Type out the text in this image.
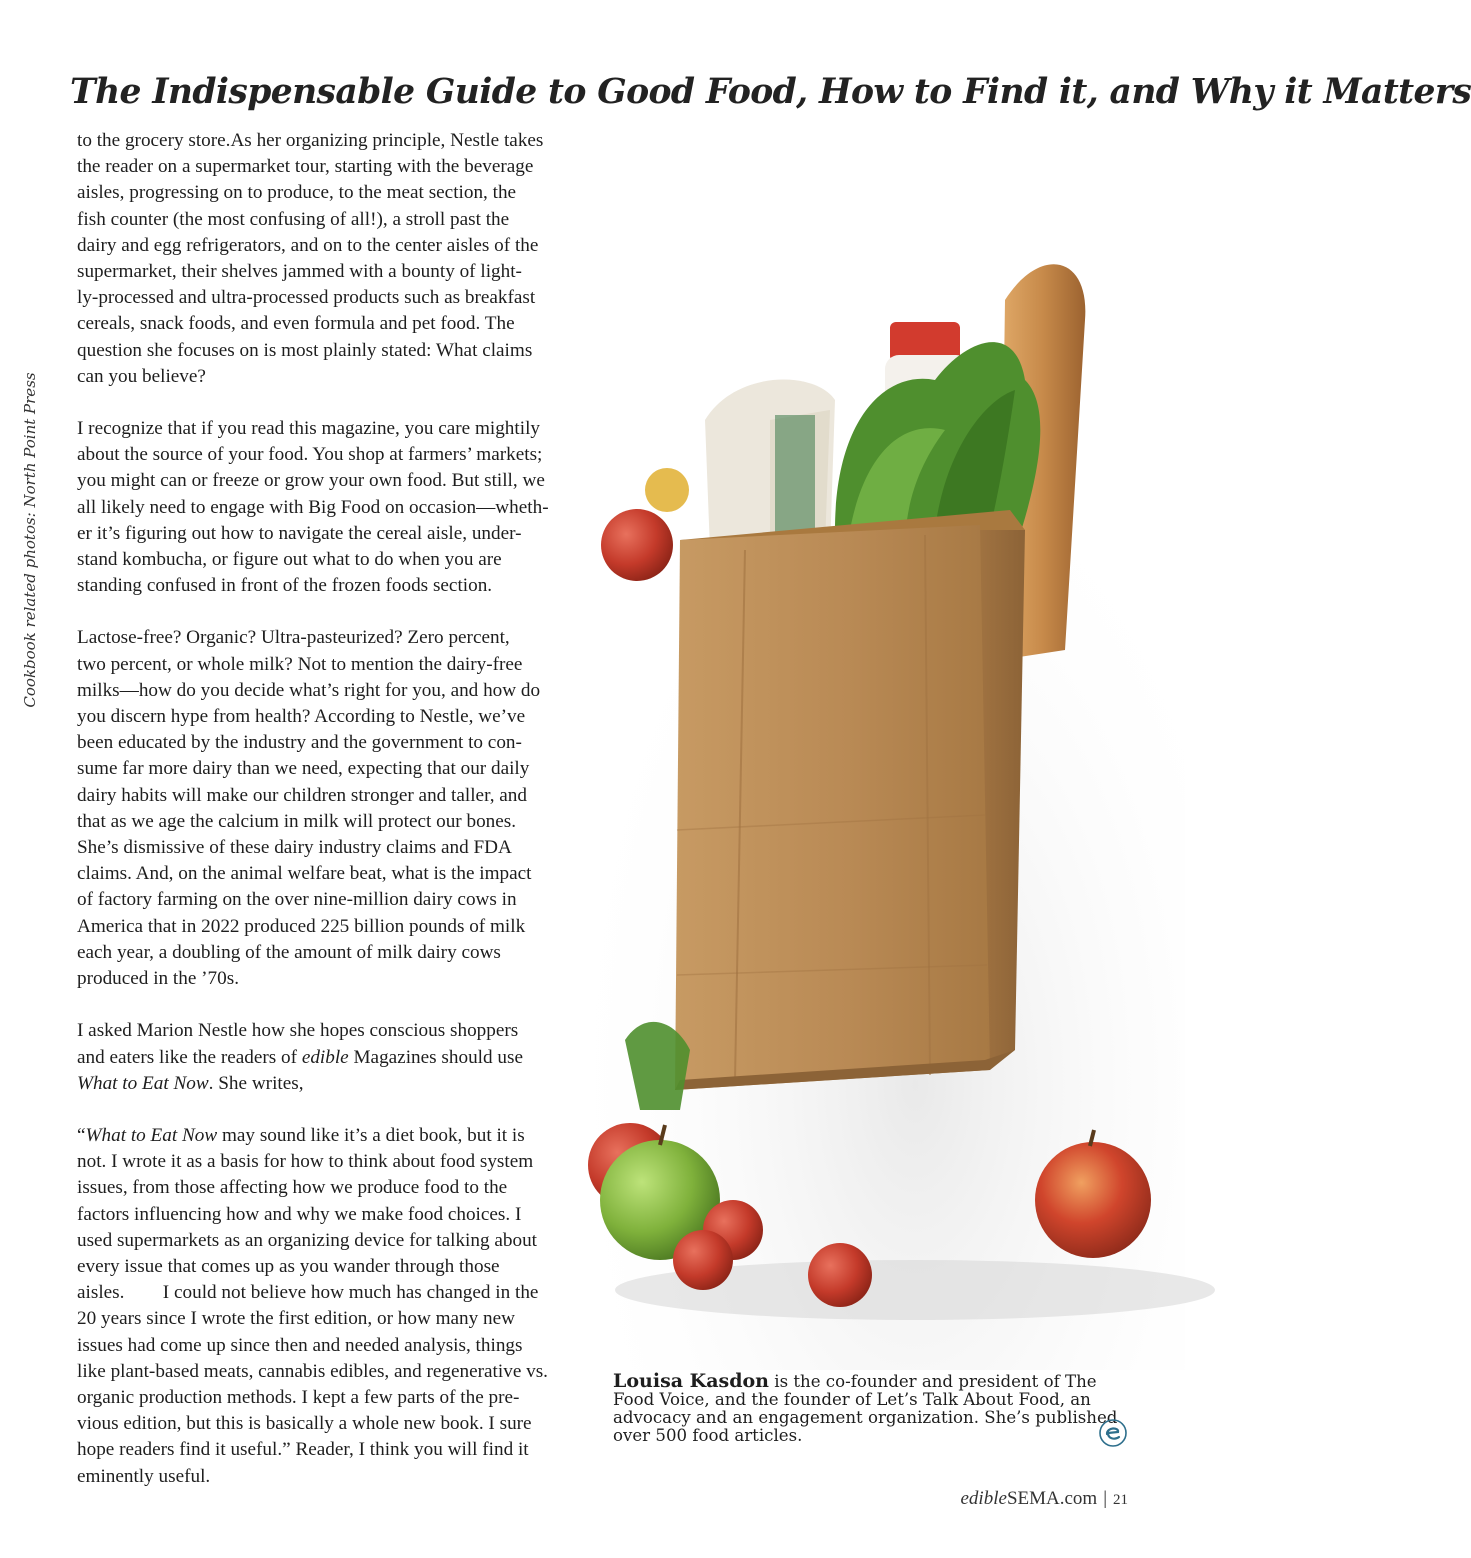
The Indispensable Guide to Good Food, How to Find it, and Why it Matters
Cookbook related photos: North Point Press

to the grocery store.As her organizing principle, Nestle takes
the reader on a supermarket tour, starting with the beverage
aisles, progressing on to produce, to the meat section, the
fish counter (the most confusing of all!), a stroll past the
dairy and egg refrigerators, and on to the center aisles of the
supermarket, their shelves jammed with a bounty of light-
ly-processed and ultra-processed products such as breakfast
cereals, snack foods, and even formula and pet food. The
question she focuses on is most plainly stated: What claims
can you believe?

I recognize that if you read this magazine, you care mightily
about the source of your food. You shop at farmers’ markets;
you might can or freeze or grow your own food. But still, we
all likely need to engage with Big Food on occasion—wheth-
er it’s figuring out how to navigate the cereal aisle, under-
stand kombucha, or figure out what to do when you are
standing confused in front of the frozen foods section.

Lactose-free? Organic? Ultra-pasteurized? Zero percent,
two percent, or whole milk? Not to mention the dairy-free
milks—how do you decide what’s right for you, and how do
you discern hype from health? According to Nestle, we’ve
been educated by the industry and the government to con-
sume far more dairy than we need, expecting that our daily
dairy habits will make our children stronger and taller, and
that as we age the calcium in milk will protect our bones.
She’s dismissive of these dairy industry claims and FDA
claims. And, on the animal welfare beat, what is the impact
of factory farming on the over nine-million dairy cows in
America that in 2022 produced 225 billion pounds of milk
each year, a doubling of the amount of milk dairy cows
produced in the ’70s.

I asked Marion Nestle how she hopes conscious shoppers
and eaters like the readers of edible Magazines should use
What to Eat Now. She writes,

“What to Eat Now may sound like it’s a diet book, but it is
not. I wrote it as a basis for how to think about food system
issues, from those affecting how we produce food to the
factors influencing how and why we make food choices. I
used supermarkets as an organizing device for talking about
every issue that comes up as you wander through those
aisles.        I could not believe how much has changed in the
20 years since I wrote the first edition, or how many new
issues had come up since then and needed analysis, things
like plant-based meats, cannabis edibles, and regenerative vs.
organic production methods. I kept a few parts of the pre-
vious edition, but this is basically a whole new book. I sure
hope readers find it useful.” Reader, I think you will find it
eminently useful.

Louisa Kasdon is the co-founder and president of The
Food Voice, and the founder of Let’s Talk About Food, an
advocacy and an engagement organization. She’s published
over 500 food articles.
edibleSEMA.com | 21
